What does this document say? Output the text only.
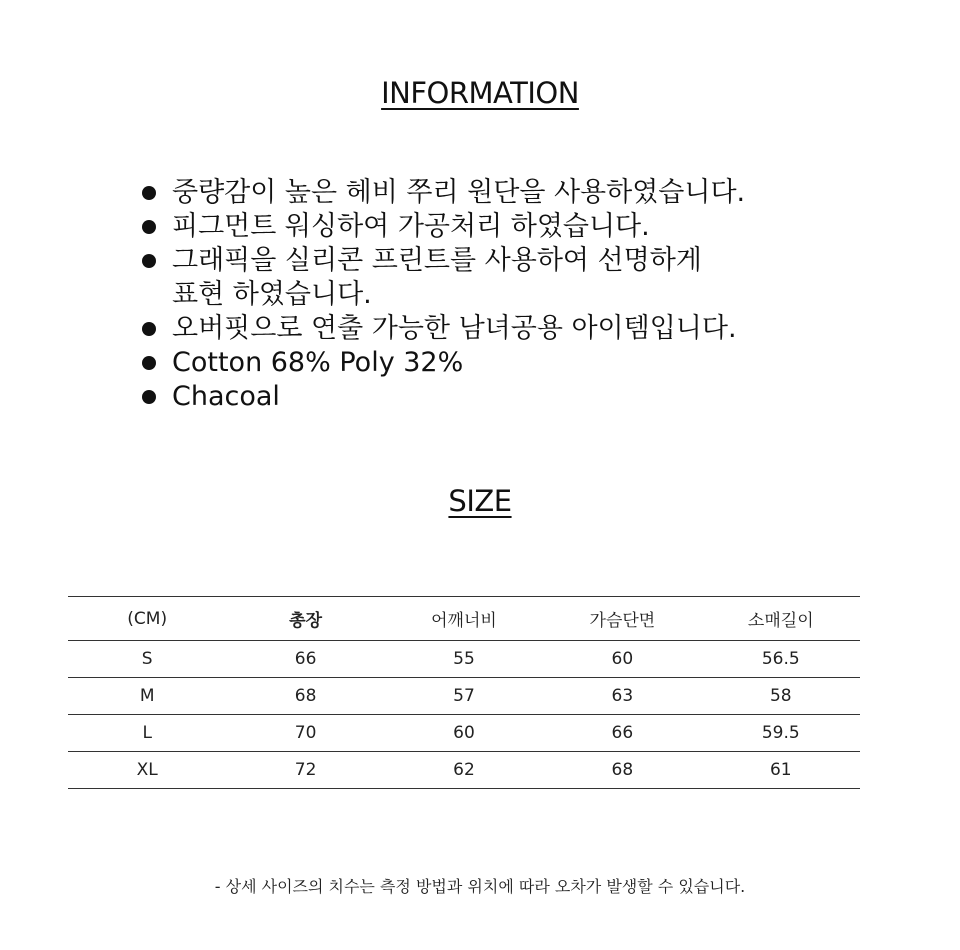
INFORMATION
중량감이 높은 헤비 쭈리 원단을 사용하였습니다.
피그먼트 워싱하여 가공처리 하였습니다.
그래픽을 실리콘 프린트를 사용하여 선명하게
표현 하였습니다.
오버핏으로 연출 가능한 남녀공용 아이템입니다.
Cotton 68% Poly 32%
Chacoal
SIZE
(CM)	총장	어깨너비	가슴단면	소매길이
S	66	55	60	56.5
M	68	57	63	58
L	70	60	66	59.5
XL	72	62	68	61
- 상세 사이즈의 치수는 측정 방법과 위치에 따라 오차가 발생할 수 있습니다.
